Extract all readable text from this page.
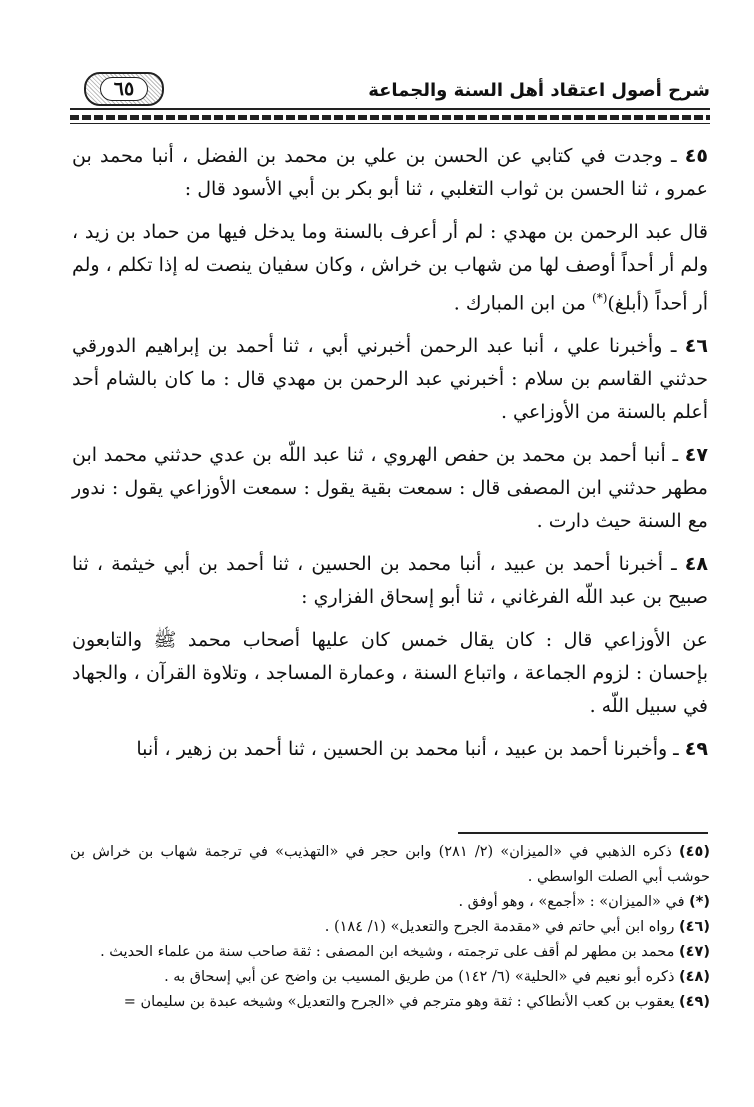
٦٥	شرح أصول اعتقاد أهل السنة والجماعة

٤٥ ـ وجدت في كتابي عن الحسن بن علي بن محمد بن الفضل ، أنبا محمد بن عمرو ، ثنا الحسن بن ثواب التغلبي ، ثنا أبو بكر بن أبي الأسود قال :

قال عبد الرحمن بن مهدي : لم أر أعرف بالسنة وما يدخل فيها من حماد بن زيد ، ولم أر أحداً أوصف لها من شهاب بن خراش ، وكان سفيان ينصت له إذا تكلم ، ولم أر أحداً (أبلغ)(*) من ابن المبارك .

٤٦ ـ وأخبرنا علي ، أنبا عبد الرحمن أخبرني أبي ، ثنا أحمد بن إبراهيم الدورقي حدثني القاسم بن سلام : أخبرني عبد الرحمن بن مهدي قال : ما كان بالشام أحد أعلم بالسنة من الأوزاعي .

٤٧ ـ أنبا أحمد بن محمد بن حفص الهروي ، ثنا عبد اللّه بن عدي حدثني محمد ابن مطهر حدثني ابن المصفى قال : سمعت بقية يقول : سمعت الأوزاعي يقول : ندور مع السنة حيث دارت .

٤٨ ـ أخبرنا أحمد بن عبيد ، أنبا محمد بن الحسين ، ثنا أحمد بن أبي خيثمة ، ثنا صبيح بن عبد اللّه الفرغاني ، ثنا أبو إسحاق الفزاري :

عن الأوزاعي قال : كان يقال خمس كان عليها أصحاب محمد ﷺ والتابعون بإحسان : لزوم الجماعة ، واتباع السنة ، وعمارة المساجد ، وتلاوة القرآن ، والجهاد في سبيل اللّه .

٤٩ ـ وأخبرنا أحمد بن عبيد ، أنبا محمد بن الحسين ، ثنا أحمد بن زهير ، أنبا

(٤٥) ذكره الذهبي في «الميزان» (٢/ ٢٨١) وابن حجر في «التهذيب» في ترجمة شهاب بن خراش بن حوشب أبي الصلت الواسطي .

(*) في «الميزان» : «أجمع» ، وهو أوفق .

(٤٦) رواه ابن أبي حاتم في «مقدمة الجرح والتعديل» (١/ ١٨٤) .

(٤٧) محمد بن مطهر لم أقف على ترجمته ، وشيخه ابن المصفى : ثقة صاحب سنة من علماء الحديث .

(٤٨) ذكره أبو نعيم في «الحلية» (٦/ ١٤٢) من طريق المسيب بن واضح عن أبي إسحاق به .

(٤٩) يعقوب بن كعب الأنطاكي : ثقة وهو مترجم في «الجرح والتعديل» وشيخه عبدة بن سليمان =
